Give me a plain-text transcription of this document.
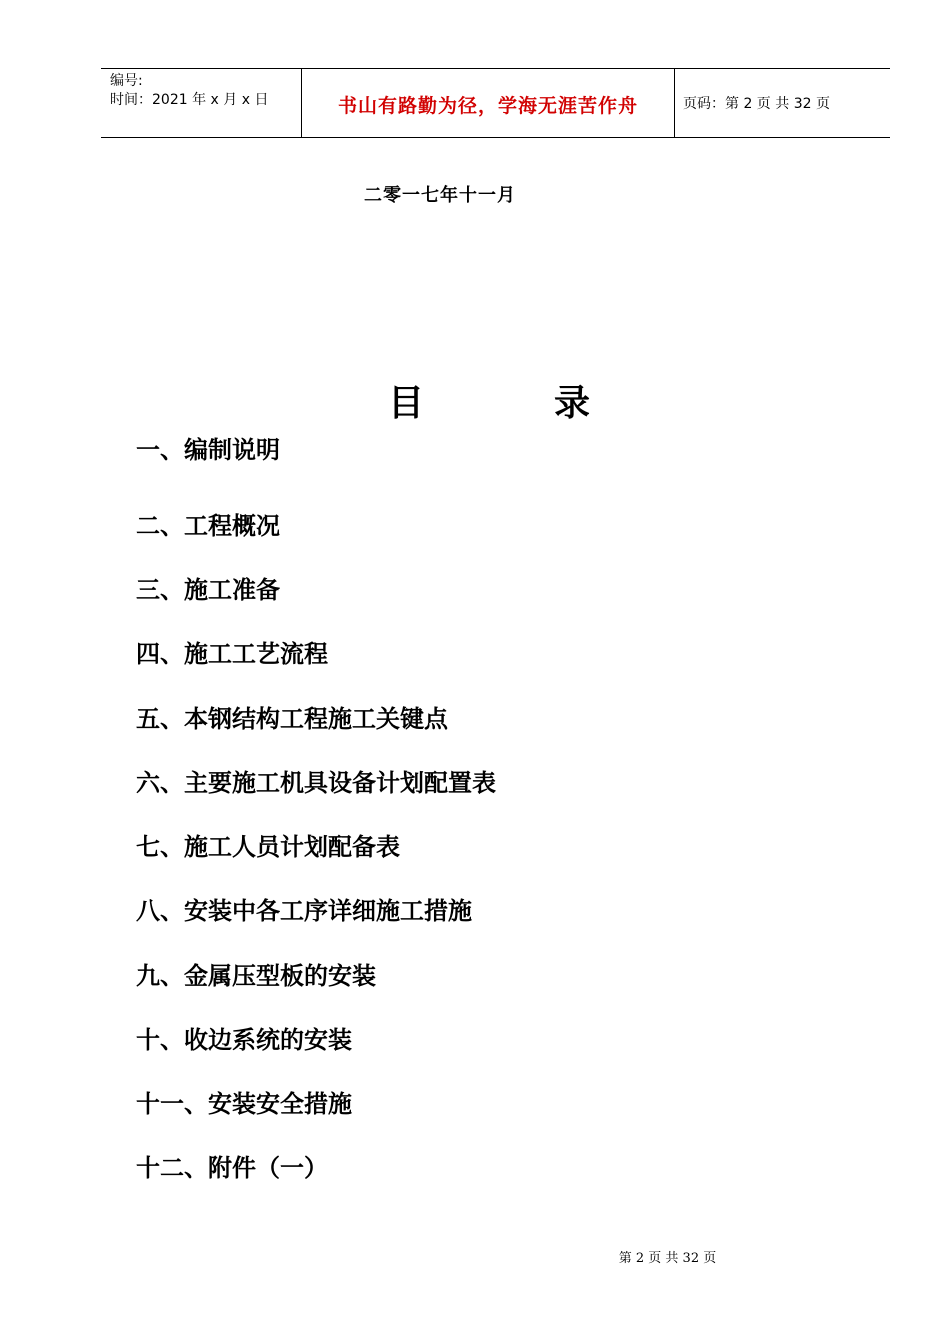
编号:
时间：2021 年 x 月 x 日	书山有路勤为径，学海无涯苦作舟	页码：第 2 页 共 32 页
二零一七年十一月
目	录
一、编制说明
二、工程概况
三、施工准备
四、施工工艺流程
五、本钢结构工程施工关键点
六、主要施工机具设备计划配置表
七、施工人员计划配备表
八、安装中各工序详细施工措施
九、金属压型板的安装
十、收边系统的安装
十一、安装安全措施
十二、附件（一）
第 2 页 共 32 页
